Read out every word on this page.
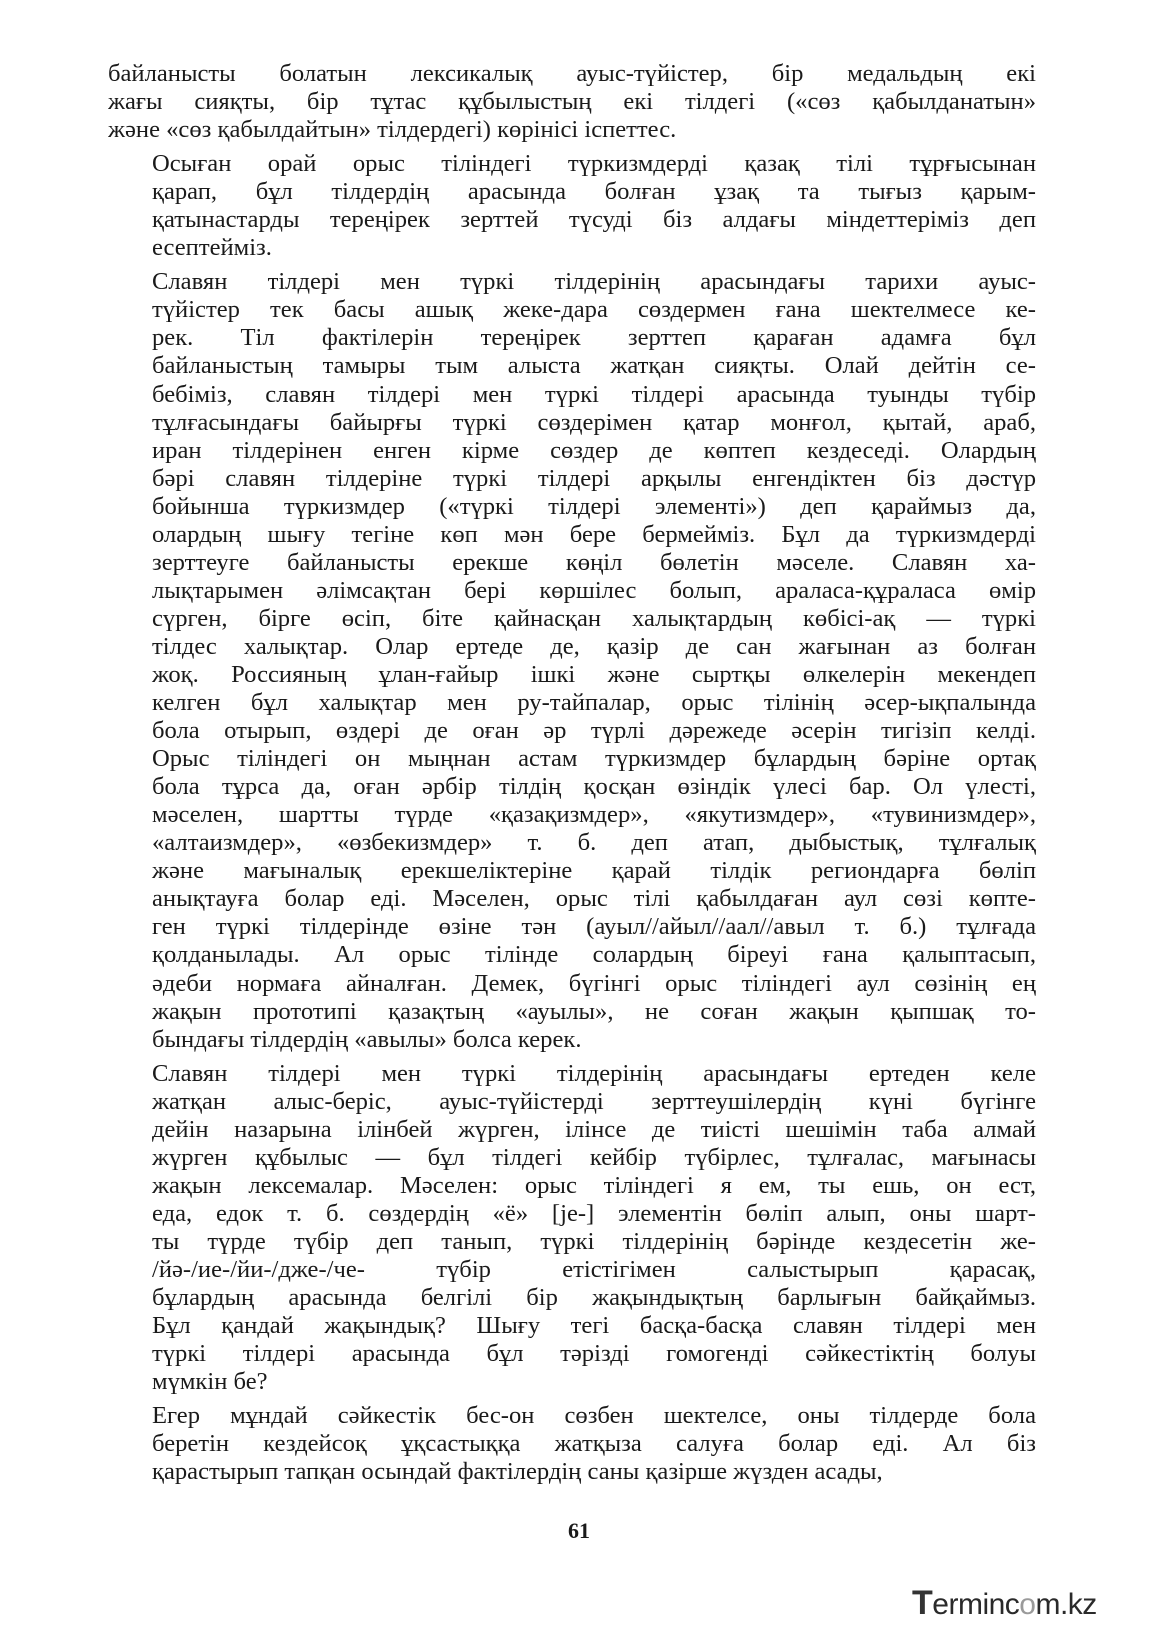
байланысты болатын лексикалық ауыс-түйістер, бір медальдың екі
жағы сияқты, бір тұтас құбылыстың екі тілдегі («сөз қабылданатын»
және «сөз қабылдайтын» тілдердегі) көрінісі іспеттес.
Осыған орай орыс тіліндегі түркизмдерді қазақ тілі тұрғысынан
қарап, бұл тілдердің арасында болған ұзақ та тығыз қарым-
қатынастарды тереңірек зерттей түсуді біз алдағы міндеттеріміз деп
есептейміз.
Славян тілдері мен түркі тілдерінің арасындағы тарихи ауыс-
түйістер тек басы ашық жеке-дара сөздермен ғана шектелмесе ке-
рек. Тіл фактілерін тереңірек зерттеп қараған адамға бұл
байланыстың тамыры тым алыста жатқан сияқты. Олай дейтін се-
бебіміз, славян тілдері мен түркі тілдері арасында туынды түбір
тұлғасындағы байырғы түркі сөздерімен қатар монғол, қытай, араб,
иран тілдерінен енген кірме сөздер де көптеп кездеседі. Олардың
бәрі славян тілдеріне түркі тілдері арқылы енгендіктен біз дәстүр
бойынша түркизмдер («түркі тілдері элементі») деп қараймыз да,
олардың шығу тегіне көп мән бере бермейміз. Бұл да түркизмдерді
зерттеуге байланысты ерекше көңіл бөлетін мәселе. Славян ха-
лықтарымен әлімсақтан бері көршілес болып, араласа-құраласа өмір
сүрген, бірге өсіп, біте қайнасқан халықтардың көбісі-ақ — түркі
тілдес халықтар. Олар ертеде де, қазір де сан жағынан аз болған
жоқ. Россияның ұлан-ғайыр ішкі және сыртқы өлкелерін мекендеп
келген бұл халықтар мен ру-тайпалар, орыс тілінің әсер-ықпалында
бола отырып, өздері де оған әр түрлі дәрежеде әсерін тигізіп келді.
Орыс тіліндегі он мыңнан астам түркизмдер бұлардың бәріне ортақ
бола тұрса да, оған әрбір тілдің қосқан өзіндік үлесі бар. Ол үлесті,
мәселен, шартты түрде «қазақизмдер», «якутизмдер», «тувинизмдер»,
«алтаизмдер», «өзбекизмдер» т. б. деп атап, дыбыстық, тұлғалық
және мағыналық ерекшеліктеріне қарай тілдік региондарға бөліп
анықтауға болар еді. Мәселен, орыс тілі қабылдаған аул сөзі көпте-
ген түркі тілдерінде өзіне тән (ауыл//айыл//аал//авыл т. б.) тұлғада
қолданылады. Ал орыс тілінде солардың біреуі ғана қалыптасып,
әдеби нормаға айналған. Демек, бүгінгі орыс тіліндегі аул сөзінің ең
жақын прототипі қазақтың «ауылы», не соған жақын қыпшақ то-
бындағы тілдердің «авылы» болса керек.
Славян тілдері мен түркі тілдерінің арасындағы ертеден келе
жатқан алыс-беріс, ауыс-түйістерді зерттеушілердің күні бүгінге
дейін назарына ілінбей жүрген, ілінсе де тиісті шешімін таба алмай
жүрген құбылыс — бұл тілдегі кейбір түбірлес, тұлғалас, мағынасы
жақын лексемалар. Мәселен: орыс тіліндегі я ем, ты ешь, он ест,
еда, едок т. б. сөздердің «ё» [je-] элементін бөліп алып, оны шарт-
ты түрде түбір деп танып, түркі тілдерінің бәрінде кездесетін же-
/йә-/ие-/йи-/дже-/че- түбір етістігімен салыстырып қарасақ,
бұлардың арасында белгілі бір жақындықтың барлығын байқаймыз.
Бұл қандай жақындық? Шығу тегі басқа-басқа славян тілдері мен
түркі тілдері арасында бұл тәрізді гомогенді сәйкестіктің болуы
мүмкін бе?
Егер мұндай сәйкестік бес-он сөзбен шектелсе, оны тілдерде бола
беретін кездейсоқ ұқсастыққа жатқыза салуға болар еді. Ал біз
қарастырып тапқан осындай фактілердің саны қазірше жүзден асады,
61
Termincom.kz
